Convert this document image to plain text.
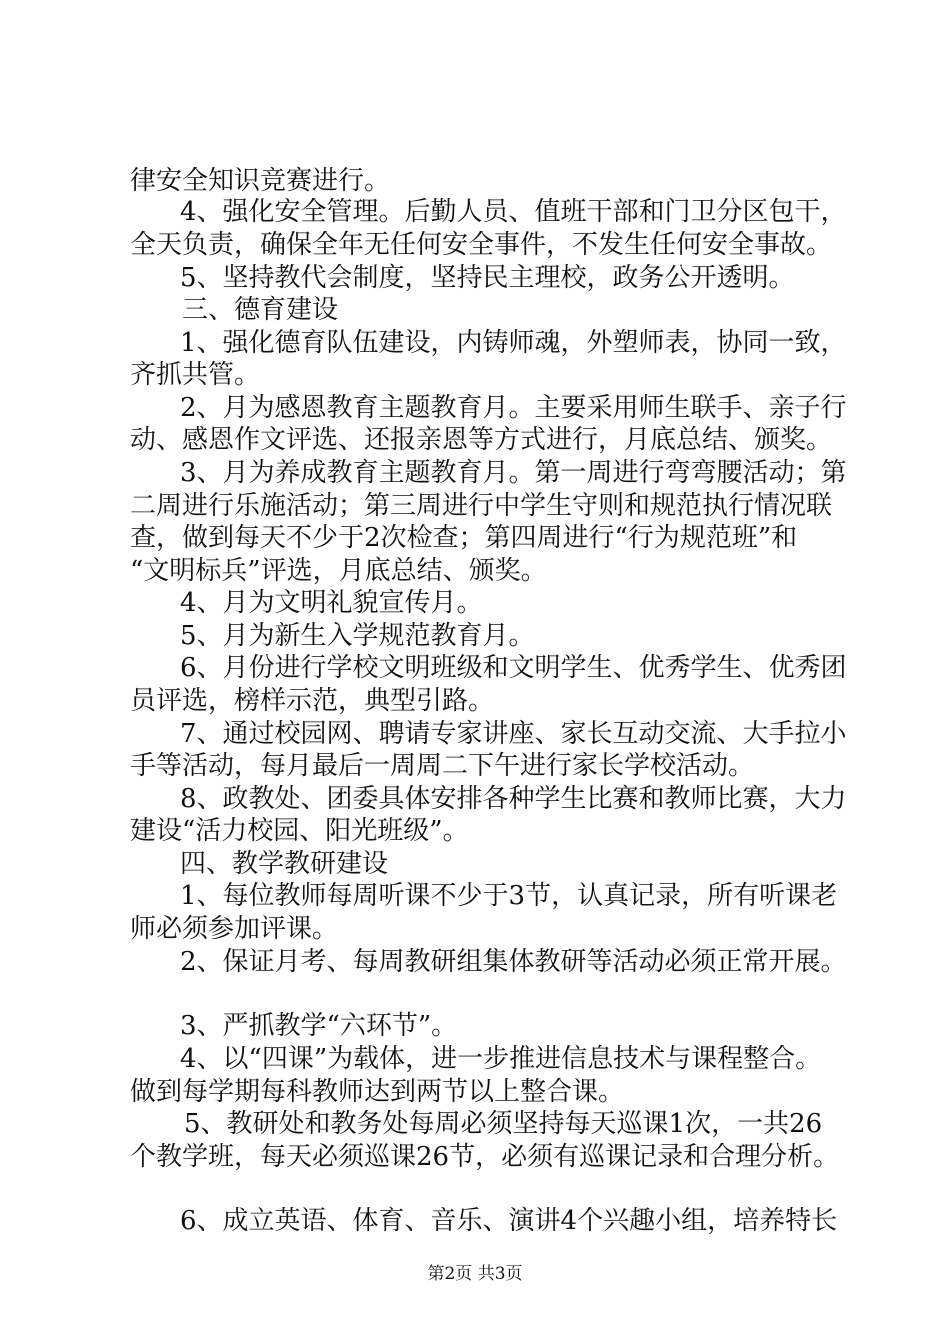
律安全知识竞赛进行。
4、强化安全管理。后勤人员、值班干部和门卫分区包干，
全天负责，确保全年无任何安全事件，不发生任何安全事故。
5、坚持教代会制度，坚持民主理校，政务公开透明。
三、德育建设
1、强化德育队伍建设，内铸师魂，外塑师表，协同一致，
齐抓共管。
2、月为感恩教育主题教育月。主要采用师生联手、亲子行
动、感恩作文评选、还报亲恩等方式进行，月底总结、颁奖。
3、月为养成教育主题教育月。第一周进行弯弯腰活动；第
二周进行乐施活动；第三周进行中学生守则和规范执行情况联
查，做到每天不少于2次检查；第四周进行“行为规范班”和
“文明标兵”评选，月底总结、颁奖。
4、月为文明礼貌宣传月。
5、月为新生入学规范教育月。
6、月份进行学校文明班级和文明学生、优秀学生、优秀团
员评选，榜样示范，典型引路。
7、通过校园网、聘请专家讲座、家长互动交流、大手拉小
手等活动，每月最后一周周二下午进行家长学校活动。
8、政教处、团委具体安排各种学生比赛和教师比赛，大力
建设“活力校园、阳光班级”。
四、教学教研建设
1、每位教师每周听课不少于3节，认真记录，所有听课老
师必须参加评课。
2、保证月考、每周教研组集体教研等活动必须正常开展。
3、严抓教学“六环节”。
4、以“四课”为载体，进一步推进信息技术与课程整合。
做到每学期每科教师达到两节以上整合课。
5、教研处和教务处每周必须坚持每天巡课1次，一共26
个教学班，每天必须巡课26节，必须有巡课记录和合理分析。
6、成立英语、体育、音乐、演讲4个兴趣小组，培养特长
第2页 共3页
